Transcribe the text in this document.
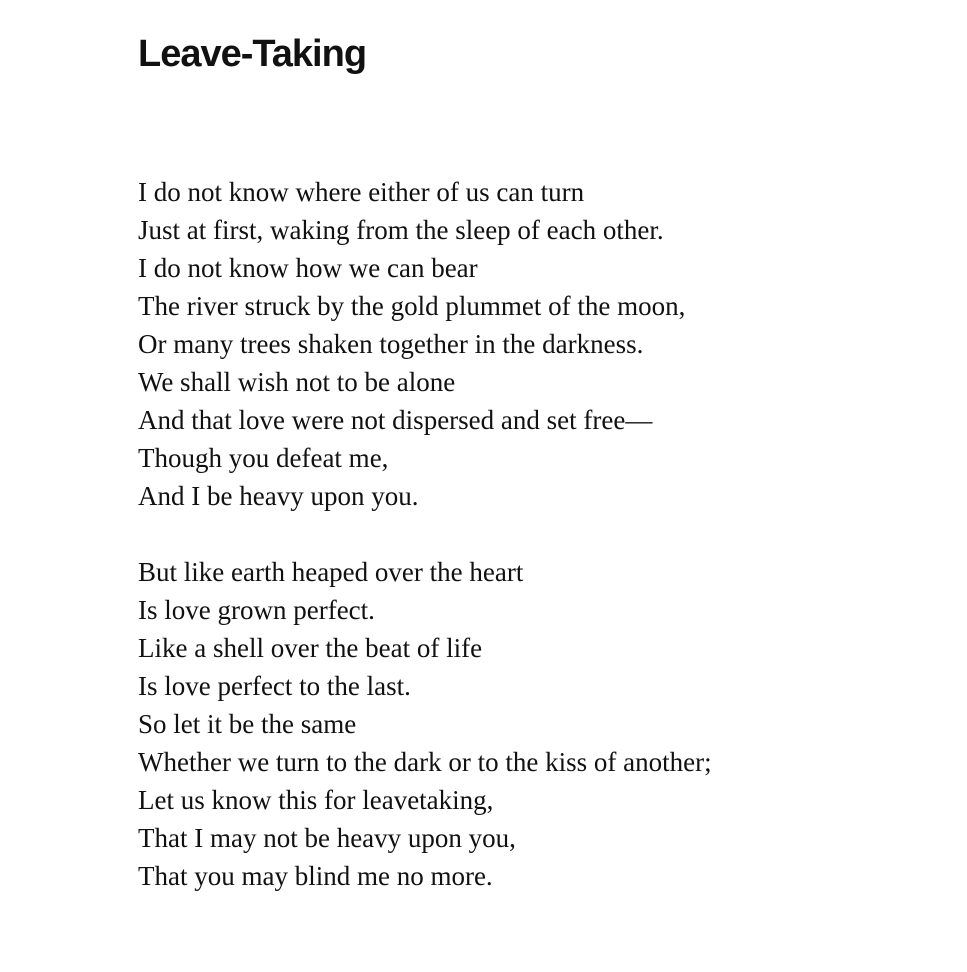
Leave-Taking
I do not know where either of us can turn
Just at first, waking from the sleep of each other.
I do not know how we can bear
The river struck by the gold plummet of the moon,
Or many trees shaken together in the darkness.
We shall wish not to be alone
And that love were not dispersed and set free—
Though you defeat me,
And I be heavy upon you.
But like earth heaped over the heart
Is love grown perfect.
Like a shell over the beat of life
Is love perfect to the last.
So let it be the same
Whether we turn to the dark or to the kiss of another;
Let us know this for leavetaking,
That I may not be heavy upon you,
That you may blind me no more.
